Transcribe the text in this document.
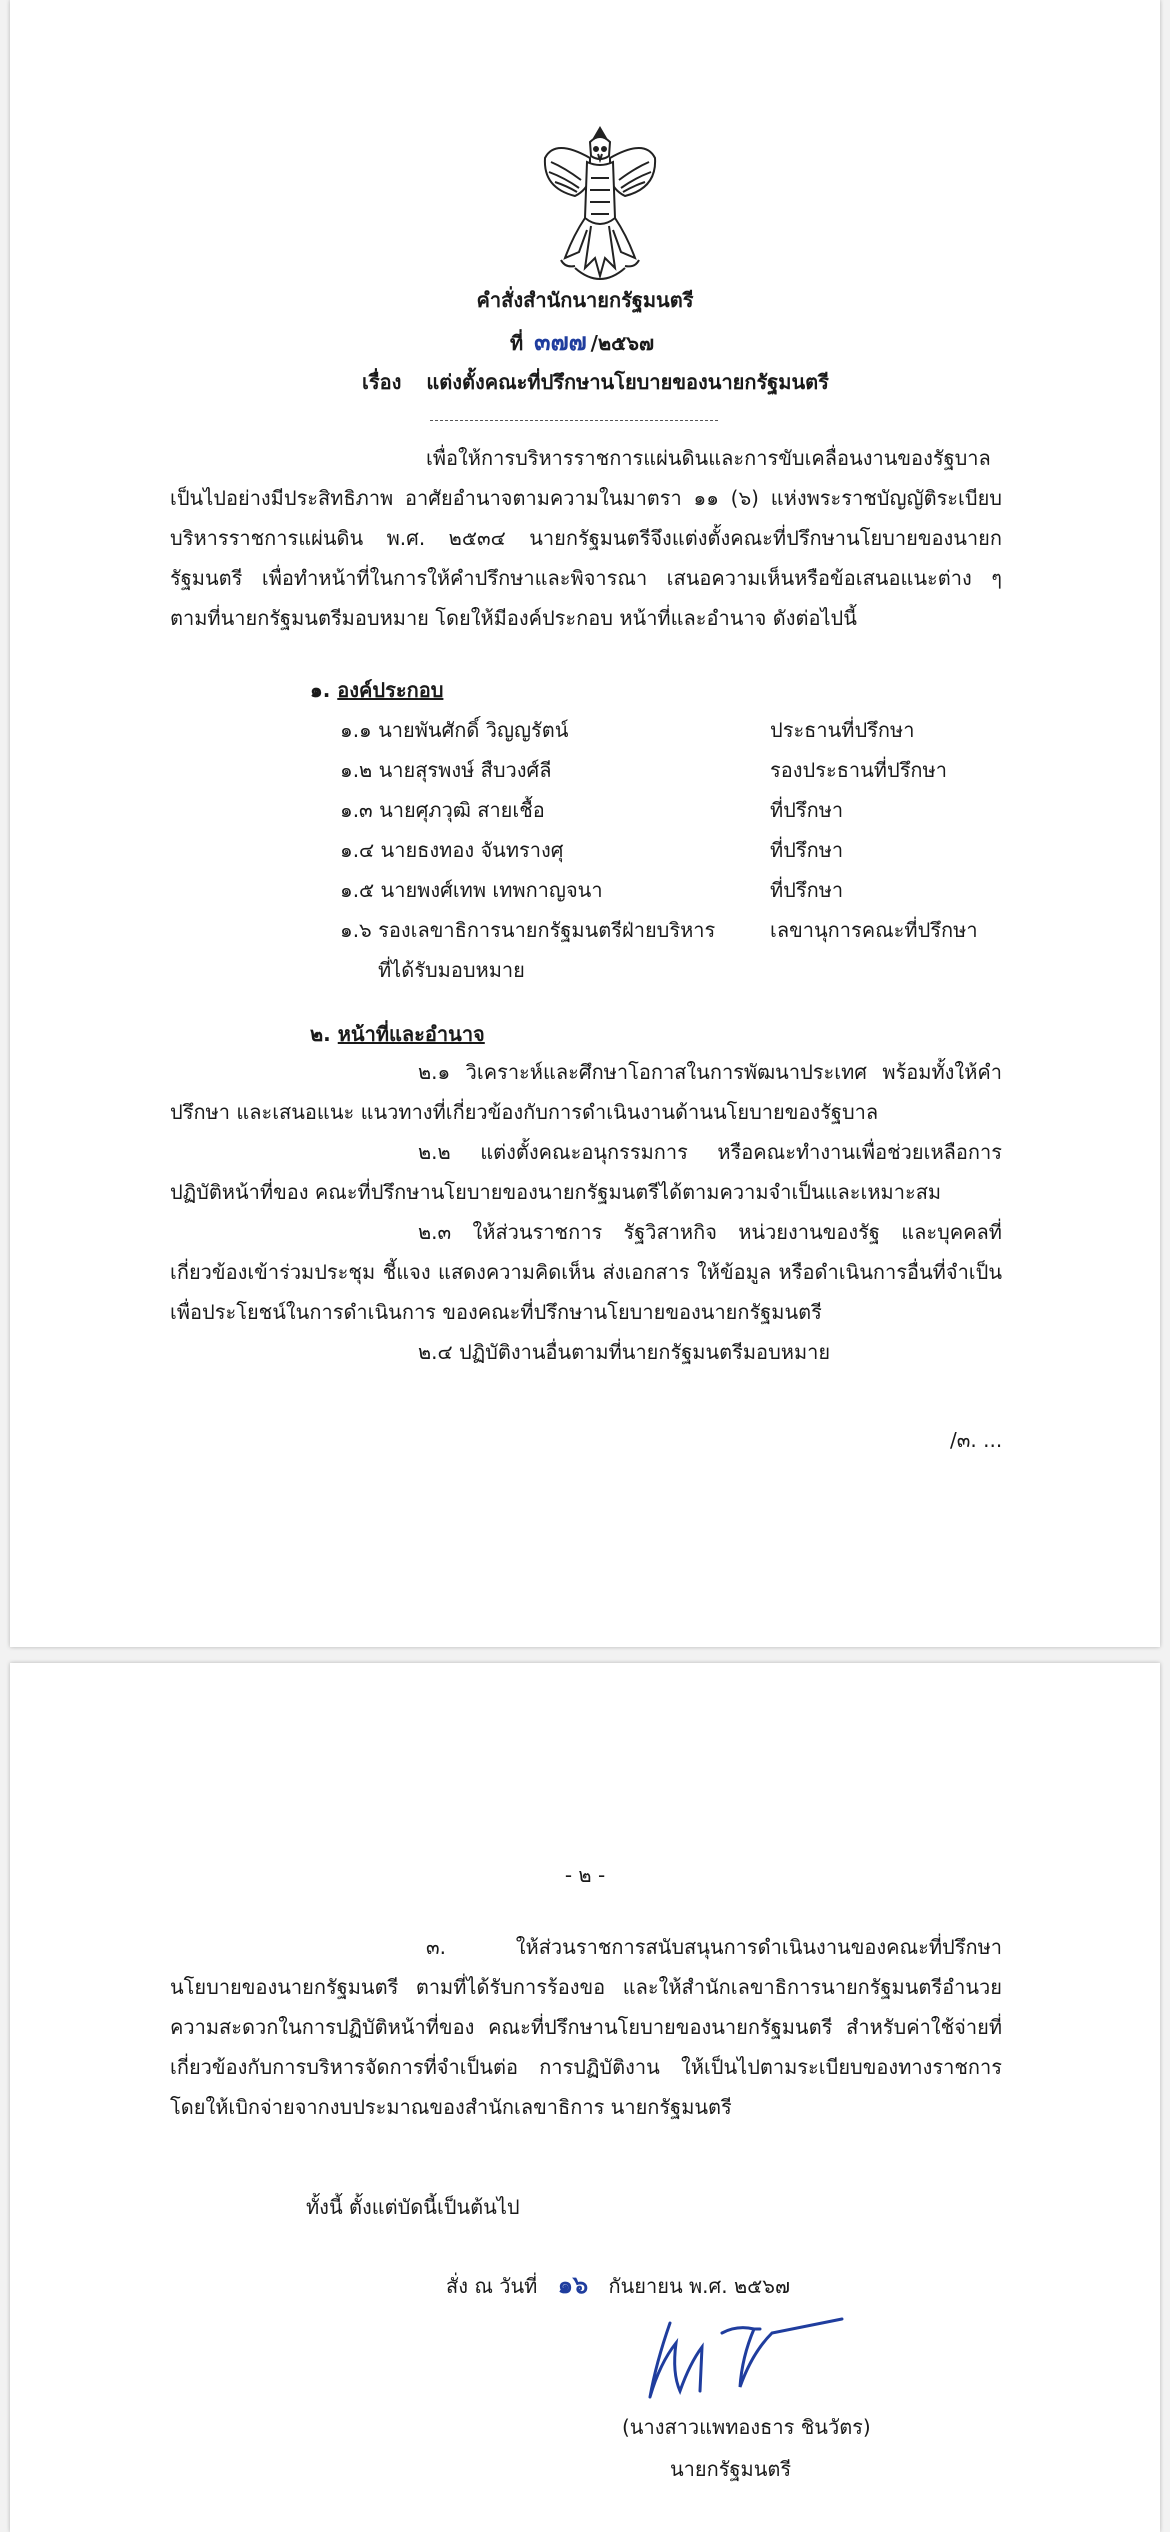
คำสั่งสำนักนายกรัฐมนตรี
ที่ ๓๗๗ /๒๕๖๗
เรื่อง แต่งตั้งคณะที่ปรึกษานโยบายของนายกรัฐมนตรี
เพื่อให้การบริหารราชการแผ่นดินและการขับเคลื่อนงานของรัฐบาลเป็นไปอย่างมีประสิทธิภาพ อาศัยอำนาจตามความในมาตรา ๑๑ (๖) แห่งพระราชบัญญัติระเบียบบริหารราชการแผ่นดิน พ.ศ. ๒๕๓๔ นายกรัฐมนตรีจึงแต่งตั้งคณะที่ปรึกษานโยบายของนายกรัฐมนตรี เพื่อทำหน้าที่ในการให้คำปรึกษาและพิจารณา เสนอความเห็นหรือข้อเสนอแนะต่าง ๆ ตามที่นายกรัฐมนตรีมอบหมาย โดยให้มีองค์ประกอบ หน้าที่และอำนาจ ดังต่อไปนี้
๑. องค์ประกอบ
๑.๑ นายพันศักดิ์ วิญญรัตน์	ประธานที่ปรึกษา
๑.๒ นายสุรพงษ์ สืบวงศ์ลี	รองประธานที่ปรึกษา
๑.๓ นายศุภวุฒิ สายเชื้อ	ที่ปรึกษา
๑.๔ นายธงทอง จันทรางศุ	ที่ปรึกษา
๑.๕ นายพงศ์เทพ เทพกาญจนา	ที่ปรึกษา
๑.๖ รองเลขาธิการนายกรัฐมนตรีฝ่ายบริหาร	เลขานุการคณะที่ปรึกษา
ที่ได้รับมอบหมาย
๒. หน้าที่และอำนาจ
๒.๑ วิเคราะห์และศึกษาโอกาสในการพัฒนาประเทศ พร้อมทั้งให้คำปรึกษา และเสนอแนะ แนวทางที่เกี่ยวข้องกับการดำเนินงานด้านนโยบายของรัฐบาล
๒.๒ แต่งตั้งคณะอนุกรรมการ หรือคณะทำงานเพื่อช่วยเหลือการปฏิบัติหน้าที่ของ คณะที่ปรึกษานโยบายของนายกรัฐมนตรีได้ตามความจำเป็นและเหมาะสม
๒.๓ ให้ส่วนราชการ รัฐวิสาหกิจ หน่วยงานของรัฐ และบุคคลที่เกี่ยวข้องเข้าร่วมประชุม ชี้แจง แสดงความคิดเห็น ส่งเอกสาร ให้ข้อมูล หรือดำเนินการอื่นที่จำเป็น เพื่อประโยชน์ในการดำเนินการ ของคณะที่ปรึกษานโยบายของนายกรัฐมนตรี
๒.๔ ปฏิบัติงานอื่นตามที่นายกรัฐมนตรีมอบหมาย
/๓. ...
- ๒ -
๓. ให้ส่วนราชการสนับสนุนการดำเนินงานของคณะที่ปรึกษานโยบายของนายกรัฐมนตรี ตามที่ได้รับการร้องขอ และให้สำนักเลขาธิการนายกรัฐมนตรีอำนวยความสะดวกในการปฏิบัติหน้าที่ของ คณะที่ปรึกษานโยบายของนายกรัฐมนตรี สำหรับค่าใช้จ่ายที่เกี่ยวข้องกับการบริหารจัดการที่จำเป็นต่อ การปฏิบัติงาน ให้เป็นไปตามระเบียบของทางราชการ โดยให้เบิกจ่ายจากงบประมาณของสำนักเลขาธิการ นายกรัฐมนตรี
ทั้งนี้ ตั้งแต่บัดนี้เป็นต้นไป
สั่ง ณ วันที่ ๑๖ กันยายน พ.ศ. ๒๕๖๗
(นางสาวแพทองธาร ชินวัตร)
นายกรัฐมนตรี
